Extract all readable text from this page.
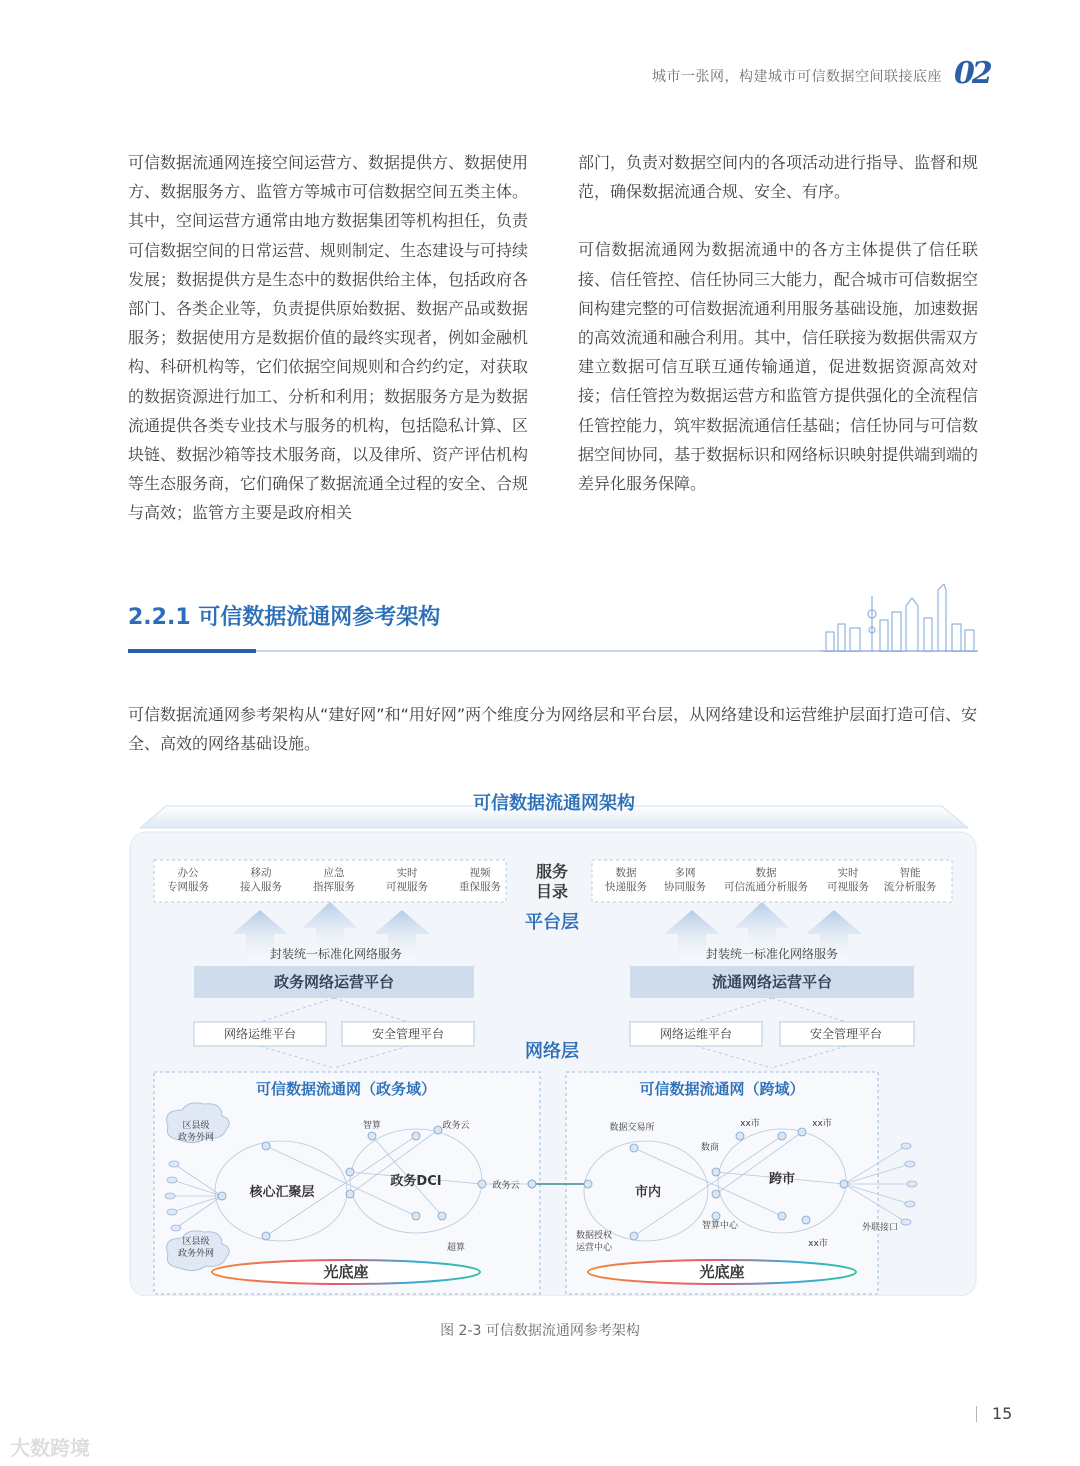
城市一张网，构建城市可信数据空间联接底座 02

可信数据流通网连接空间运营方、数据提供方、数据使用方、数据服务方、监管方等城市可信数据空间五类主体。其中，空间运营方通常由地方数据集团等机构担任，负责可信数据空间的日常运营、规则制定、生态建设与可持续发展；数据提供方是生态中的数据供给主体，包括政府各部门、各类企业等，负责提供原始数据、数据产品或数据服务；数据使用方是数据价值的最终实现者，例如金融机构、科研机构等，它们依据空间规则和合约约定，对获取的数据资源进行加工、分析和利用；数据服务方是为数据流通提供各类专业技术与服务的机构，包括隐私计算、区块链、数据沙箱等技术服务商，以及律所、资产评估机构等生态服务商，它们确保了数据流通全过程的安全、合规与高效；监管方主要是政府相关

部门，负责对数据空间内的各项活动进行指导、监督和规范，确保数据流通合规、安全、有序。

可信数据流通网为数据流通中的各方主体提供了信任联接、信任管控、信任协同三大能力，配合城市可信数据空间构建完整的可信数据流通利用服务基础设施，加速数据的高效流通和融合利用。其中，信任联接为数据供需双方建立数据可信互联互通传输通道，促进数据资源高效对接；信任管控为数据运营方和监管方提供强化的全流程信任管控能力，筑牢数据流通信任基础；信任协同与可信数据空间协同，基于数据标识和网络标识映射提供端到端的差异化服务保障。

2.2.1 可信数据流通网参考架构
可信数据流通网参考架构从“建好网”和“用好网”两个维度分为网络层和平台层，从网络建设和运营维护层面打造可信、安全、高效的网络基础设施。
可信数据流通网架构
办公
专网服务
移动
接入服务
应急
指挥服务
实时
可视服务
视频
重保服务
数据
快递服务
多网
协同服务
数据
可信流通分析服务
实时
可视服务
智能
流分析服务
服务
目录
平台层
封装统一标准化网络服务	封装统一标准化网络服务
政务网络运营平台	流通网络运营平台
网络运维平台	安全管理平台	网络运维平台	安全管理平台
网络层
可信数据流通网（政务域）	可信数据流通网（跨域）
区县级
政务外网
区县级
政务外网
智算	政务云
政务云
超算
核心汇聚层
政务DCI
数据交易所	xx市	xx市
数商
智算中心
xx市
数据授权
运营中心
外联接口
市内
跨市
光底座	光底座
图 2-3 可信数据流通网参考架构
15
大数跨境
